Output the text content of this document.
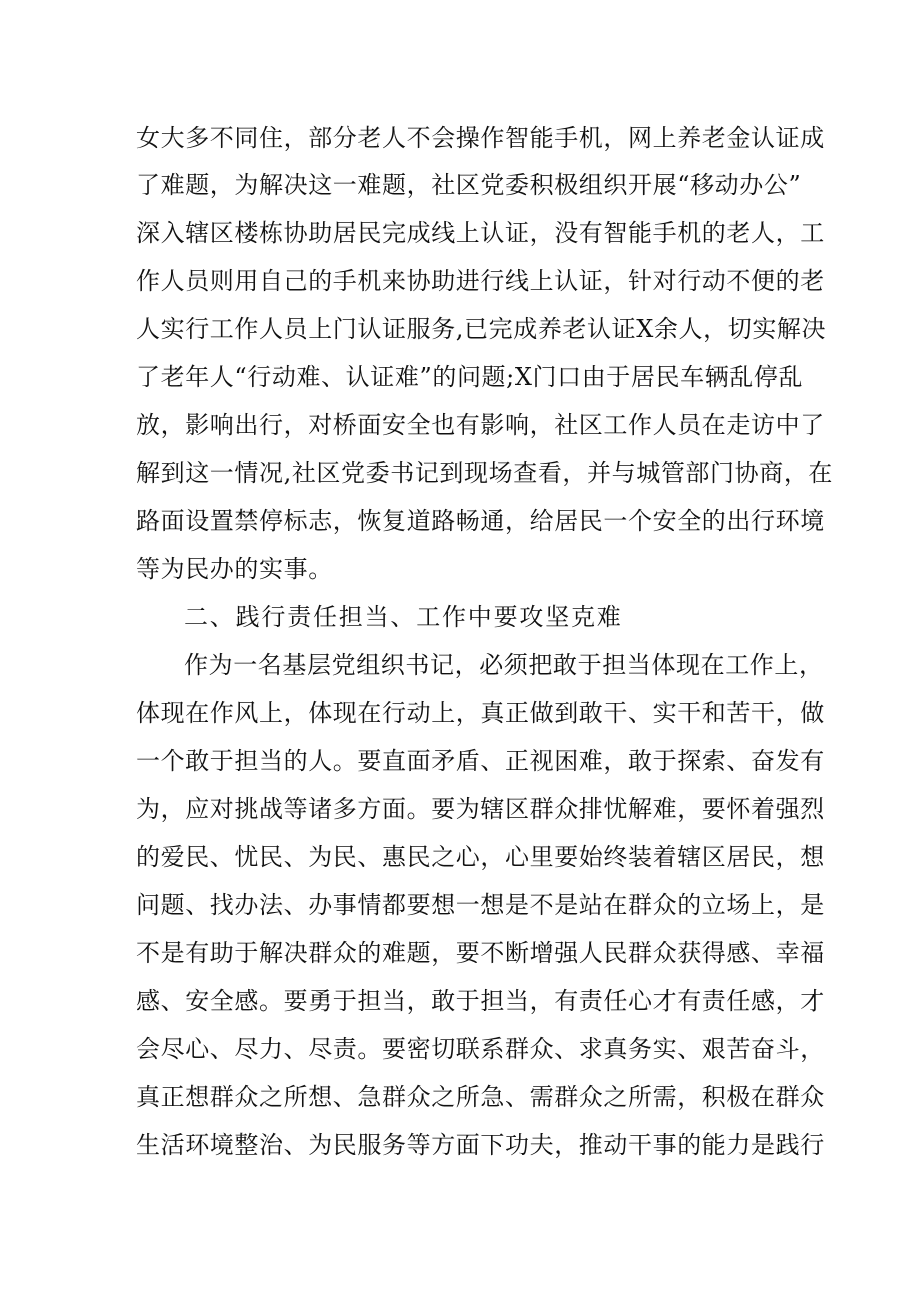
女大多不同住，部分老人不会操作智能手机，网上养老金认证成
了难题，为解决这一难题，社区党委积极组织开展“移动办公”
深入辖区楼栋协助居民完成线上认证，没有智能手机的老人，工
作人员则用自己的手机来协助进行线上认证，针对行动不便的老
人实行工作人员上门认证服务,已完成养老认证X余人，切实解决
了老年人“行动难、认证难”的问题;X门口由于居民车辆乱停乱
放，影响出行，对桥面安全也有影响，社区工作人员在走访中了
解到这一情况,社区党委书记到现场查看，并与城管部门协商，在
路面设置禁停标志，恢复道路畅通，给居民一个安全的出行环境
等为民办的实事。
二、践行责任担当、工作中要攻坚克难
作为一名基层党组织书记，必须把敢于担当体现在工作上，
体现在作风上，体现在行动上，真正做到敢干、实干和苦干，做
一个敢于担当的人。要直面矛盾、正视困难，敢于探索、奋发有
为，应对挑战等诸多方面。要为辖区群众排忧解难，要怀着强烈
的爱民、忧民、为民、惠民之心，心里要始终装着辖区居民，想
问题、找办法、办事情都要想一想是不是站在群众的立场上，是
不是有助于解决群众的难题，要不断增强人民群众获得感、幸福
感、安全感。要勇于担当，敢于担当，有责任心才有责任感，才
会尽心、尽力、尽责。要密切联系群众、求真务实、艰苦奋斗，
真正想群众之所想、急群众之所急、需群众之所需，积极在群众
生活环境整治、为民服务等方面下功夫，推动干事的能力是践行
